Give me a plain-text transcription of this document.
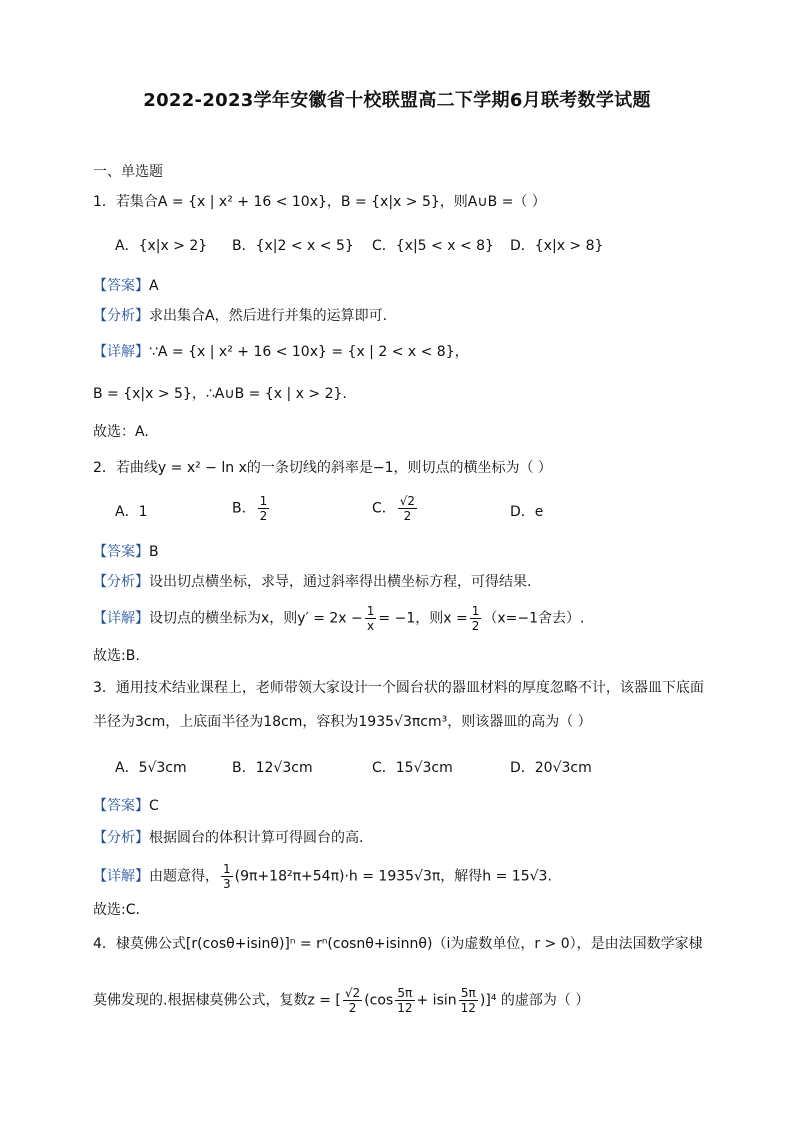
2022-2023学年安徽省十校联盟高二下学期6月联考数学试题
一、单选题
1．若集合A = {x | x² + 16 < 10x}，B = {x|x > 5}，则A∪B =（ ）
A．{x|x > 2} B．{x|2 < x < 5} C．{x|5 < x < 8} D．{x|x > 8}
【答案】A
【分析】求出集合A，然后进行并集的运算即可.
【详解】∵A = {x | x² + 16 < 10x} = {x | 2 < x < 8}，
B = {x|x > 5}，∴A∪B = {x | x > 2}.
故选：A.
2．若曲线y = x² − ln x的一条切线的斜率是−1，则切点的横坐标为（ ）
A．1	B． $\frac{1}{2}$	C． $\frac{√2}{2}$	D．e
【答案】B
【分析】设出切点横坐标，求导，通过斜率得出横坐标方程，可得结果.
【详解】设切点的横坐标为x，则$y' = 2x - \frac{1}{x} = -1$，则$x = \frac{1}{2} (x=-1$舍去）.
故选:B.
3．通用技术结业课程上，老师带领大家设计一个圆台状的器皿材料的厚度忽略不计，该器皿下底面
半径为3cm，上底面半径为18cm，容积为1935√3πcm³，则该器皿的高为（ ）
A．5√3cm	B．12√3cm	C．15√3cm	D．20√3cm
【答案】C
【分析】根据圆台的体积计算可得圆台的高.
【详解】由题意得， $\frac{1}{3} (9\pi+18^2\pi+54\pi)\cdot h = 1935√3\pi$，解得h = 15√3.
故选:C.
4．棣莫佛公式[r(cosθ+isinθ)]ⁿ = rⁿ(cosnθ+isinnθ)（i为虚数单位，r > 0），是由法国数学家棣
莫佛发现的.根据棣莫佛公式，复数z = [ $\frac{√2}{2} (\cos \frac{5\pi}{12} + isin \frac{5\pi}{12} )]^4$ 的虚部为（ ）
